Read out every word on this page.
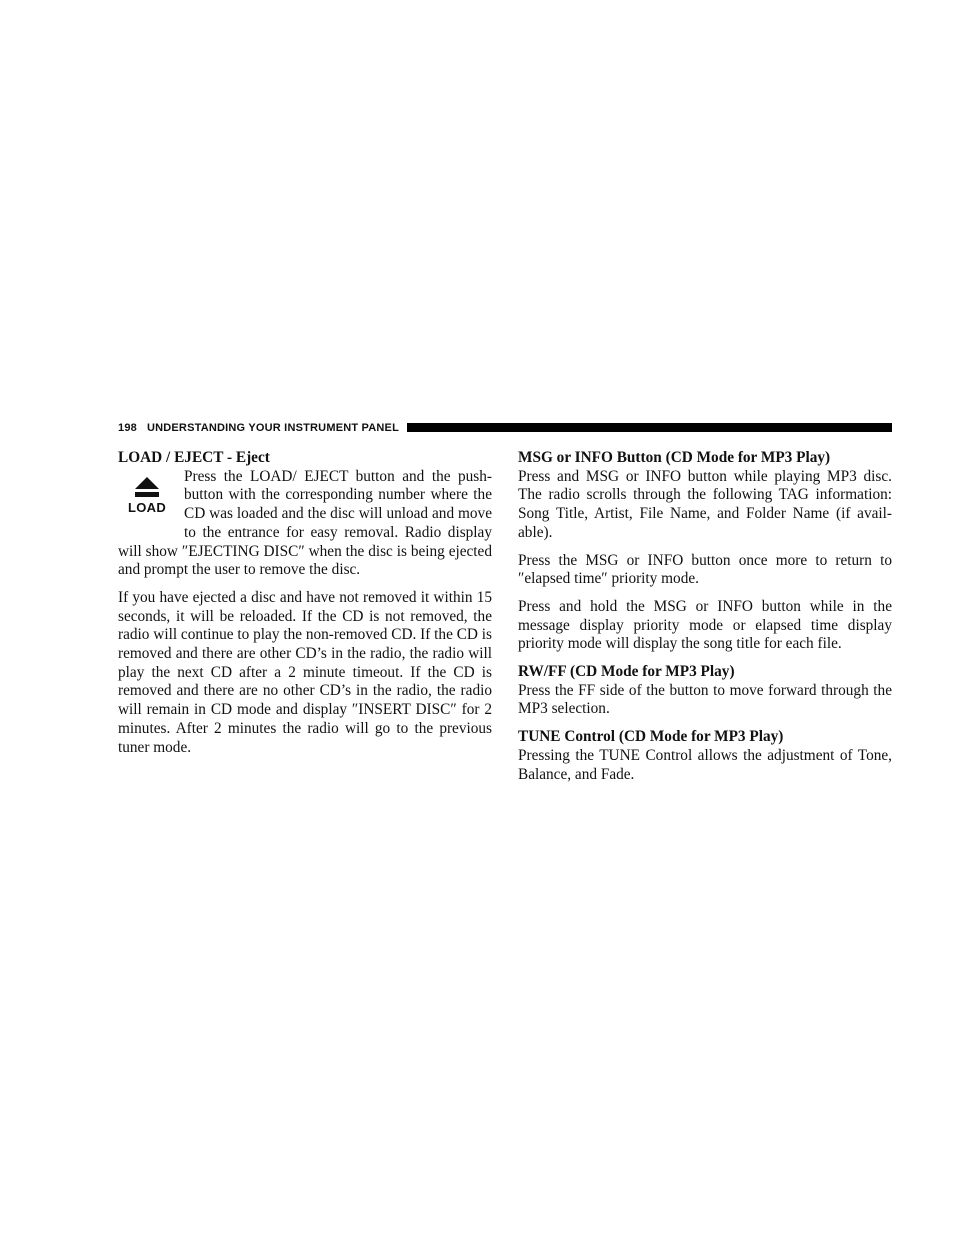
198 UNDERSTANDING YOUR INSTRUMENT PANEL
LOAD / EJECT - Eject
LOAD

Press the LOAD/ EJECT button and the push-button with the corresponding number where the CD was loaded and the disc will unload and move to the entrance for easy removal. Radio display will show ″EJECTING DISC″ when the disc is being ejected and prompt the user to remove the disc.

If you have ejected a disc and have not removed it within 15 seconds, it will be reloaded. If the CD is not removed, the radio will continue to play the non-removed CD. If the CD is removed and there are other CD’s in the radio, the radio will play the next CD after a 2 minute timeout. If the CD is removed and there are no other CD’s in the radio, the radio will remain in CD mode and display ″INSERT DISC″ for 2 minutes. After 2 minutes the radio will go to the previous tuner mode.

MSG or INFO Button (CD Mode for MP3 Play)

Press and MSG or INFO button while playing MP3 disc. The radio scrolls through the following TAG information: Song Title, Artist, File Name, and Folder Name (if avail-able).

Press the MSG or INFO button once more to return to ″elapsed time″ priority mode.

Press and hold the MSG or INFO button while in the message display priority mode or elapsed time display priority mode will display the song title for each file.

RW/FF (CD Mode for MP3 Play)

Press the FF side of the button to move forward through the MP3 selection.

TUNE Control (CD Mode for MP3 Play)

Pressing the TUNE Control allows the adjustment of Tone, Balance, and Fade.
